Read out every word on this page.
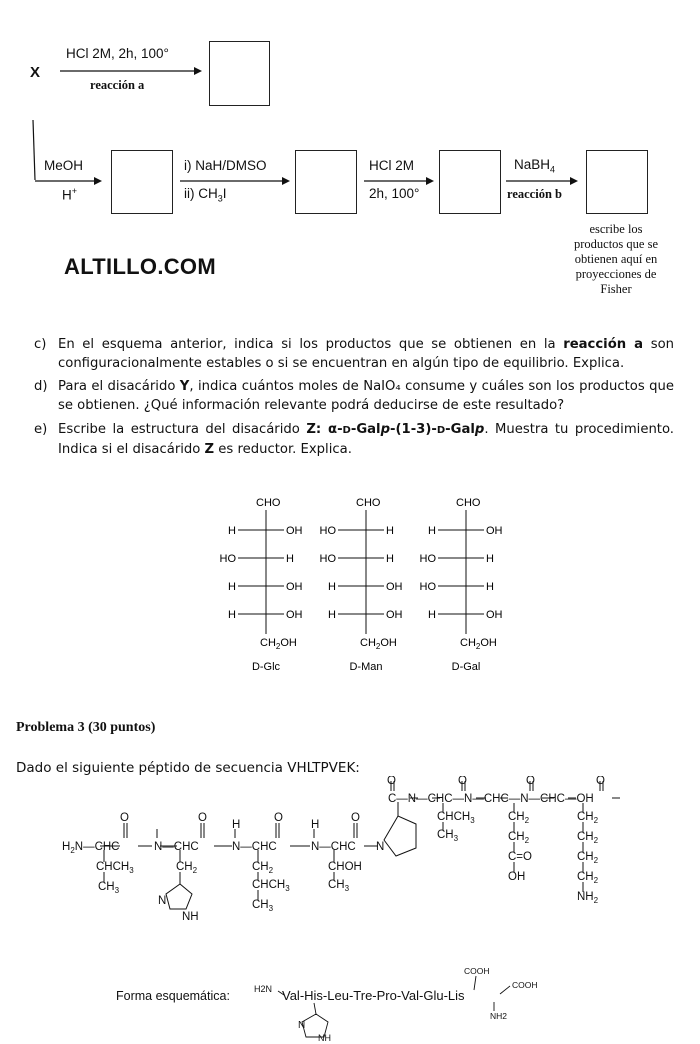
X
HCl 2M, 2h, 100°
reacción a
MeOH
H+
i) NaH/DMSO
ii) $CH_3I$
HCl 2M
2h, 100°
NaBH$_4$
reacción b
escribe los
productos que se
obtienen aquí en
proyecciones de
Fisher
ALTILLO.COM
c) En el esquema anterior, indica si los productos que se obtienen en la reacción a son configuracionalmente estables o si se encuentran en algún tipo de equilibrio. Explica.
d) Para el disacárido Y, indica cuántos moles de NaIO₄ consume y cuáles son los productos que se obtienen. ¿Qué información relevante podrá deducirse de este resultado?
e) Escribe la estructura del disacárido Z: α-D-Galp-(1-3)-D-Galp. Muestra tu procedimiento. Indica si el disacárido Z es reductor. Explica.
CHO
H	OH
HO	H
H	OH
H	OH
$CH_2OH$
D-Glc
CHO
HO	H
HO	H
H	OH
H	OH
$CH_2OH$
D-Man
CHO
H	OH
HO	H
HO	H
H	OH
$CH_2OH$
D-Gal
Problema 3 (30 puntos)
Dado el siguiente péptido de secuencia VHLTPVEK:
$H_2N—CHC$
O
N—CHC
O
H
N—CHC
O
H
N—CHC
O
N
$CHCH_3$
$CH_3$
$CH_2$
N
NH
$CH_2$
$CHCH_3$
$CH_3$
CHOH
$CH_3$
O
C—N—CHC—N—CHC—N—CHC—OH
O	O	O
$CHCH_3$
$CH_3$
$CH_2$
$CH_2$
C=O
OH
$CH_2$
$CH_2$
$CH_2$
$CH_2$
$NH_2$
Forma esquemática:	H2N Val-His-Leu-Tre-Pro-Val-Glu-Lis
COOH
COOH
NH2
N
NH
